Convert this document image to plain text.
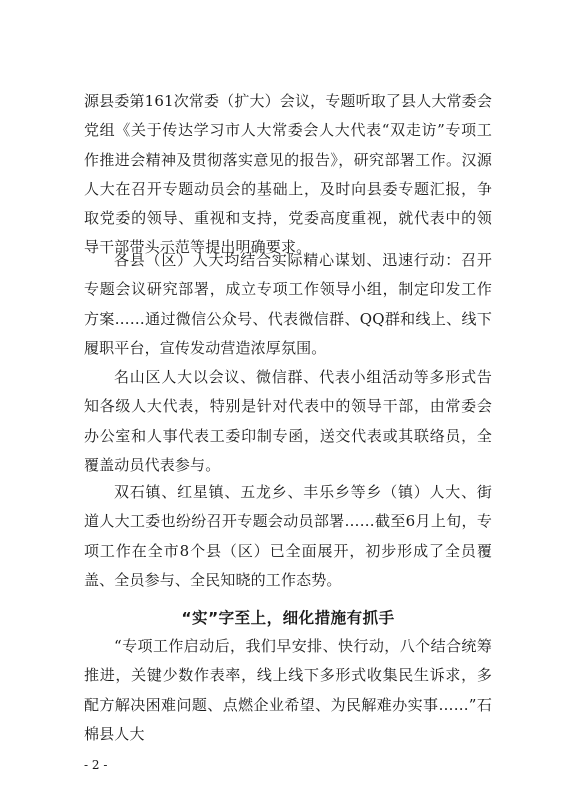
源县委第161次常委（扩大）会议，专题听取了县人大常委会党组《关于传达学习市人大常委会人大代表“双走访”专项工作推进会精神及贯彻落实意见的报告》，研究部署工作。汉源人大在召开专题动员会的基础上，及时向县委专题汇报，争取党委的领导、重视和支持，党委高度重视，就代表中的领导干部带头示范等提出明确要求。

各县（区）人大均结合实际精心谋划、迅速行动：召开专题会议研究部署，成立专项工作领导小组，制定印发工作方案……通过微信公众号、代表微信群、QQ群和线上、线下履职平台，宣传发动营造浓厚氛围。

名山区人大以会议、微信群、代表小组活动等多形式告知各级人大代表，特别是针对代表中的领导干部，由常委会办公室和人事代表工委印制专函，送交代表或其联络员，全覆盖动员代表参与。

双石镇、红星镇、五龙乡、丰乐乡等乡（镇）人大、街道人大工委也纷纷召开专题会动员部署……截至6月上旬，专项工作在全市8个县（区）已全面展开，初步形成了全员覆盖、全员参与、全民知晓的工作态势。

“实”字至上，细化措施有抓手

“专项工作启动后，我们早安排、快行动，八个结合统筹推进，关键少数作表率，线上线下多形式收集民生诉求，多配方解决困难问题、点燃企业希望、为民解难办实事……”石棉县人大

- 2 -
